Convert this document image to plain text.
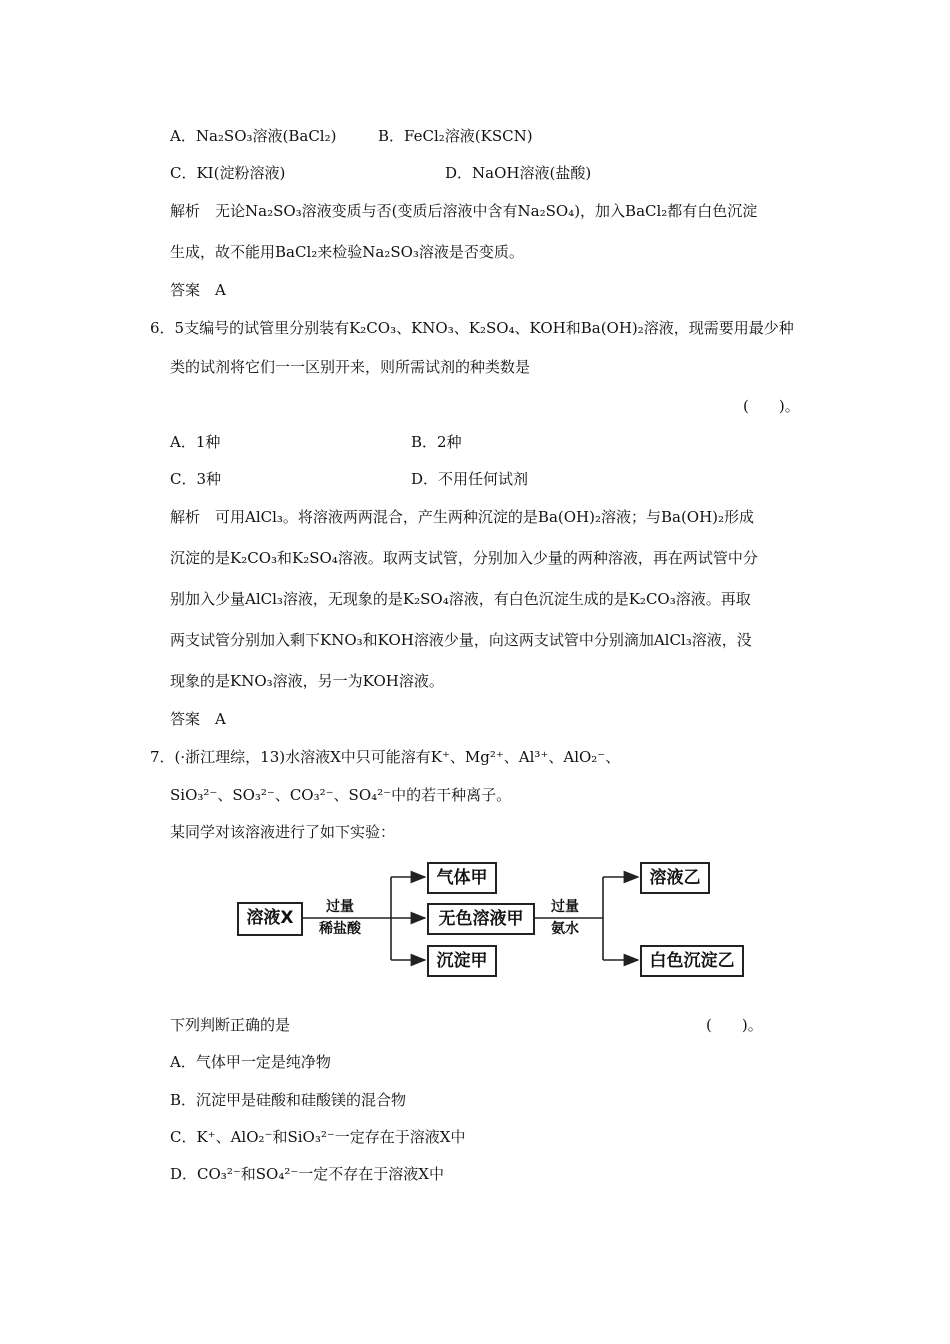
A．Na₂SO₃溶液(BaCl₂)	B．FeCl₂溶液(KSCN)
C．KI(淀粉溶液)	D．NaOH溶液(盐酸)
解析　无论Na₂SO₃溶液变质与否(变质后溶液中含有Na₂SO₄)，加入BaCl₂都有白色沉淀
生成，故不能用BaCl₂来检验Na₂SO₃溶液是否变质。
答案　A
6．5支编号的试管里分别装有K₂CO₃、KNO₃、K₂SO₄、KOH和Ba(OH)₂溶液，现需要用最少种
类的试剂将它们一一区别开来，则所需试剂的种类数是
(　　)。
A．1种	B．2种
C．3种	D．不用任何试剂
解析　可用AlCl₃。将溶液两两混合，产生两种沉淀的是Ba(OH)₂溶液；与Ba(OH)₂形成
沉淀的是K₂CO₃和K₂SO₄溶液。取两支试管，分别加入少量的两种溶液，再在两试管中分
别加入少量AlCl₃溶液，无现象的是K₂SO₄溶液，有白色沉淀生成的是K₂CO₃溶液。再取
两支试管分别加入剩下KNO₃和KOH溶液少量，向这两支试管中分别滴加AlCl₃溶液，没
现象的是KNO₃溶液，另一为KOH溶液。
答案　A
7．(·浙江理综，13)水溶液X中只可能溶有K⁺、Mg²⁺、Al³⁺、AlO₂⁻、
SiO₃²⁻、SO₃²⁻、CO₃²⁻、SO₄²⁻中的若干种离子。
某同学对该溶液进行了如下实验：
溶液X
过量
稀盐酸
气体甲
无色溶液甲
沉淀甲
过量
氨水
溶液乙
白色沉淀乙
下列判断正确的是	(　　)。
A．气体甲一定是纯净物
B．沉淀甲是硅酸和硅酸镁的混合物
C．K⁺、AlO₂⁻和SiO₃²⁻一定存在于溶液X中
D．CO₃²⁻和SO₄²⁻一定不存在于溶液X中
